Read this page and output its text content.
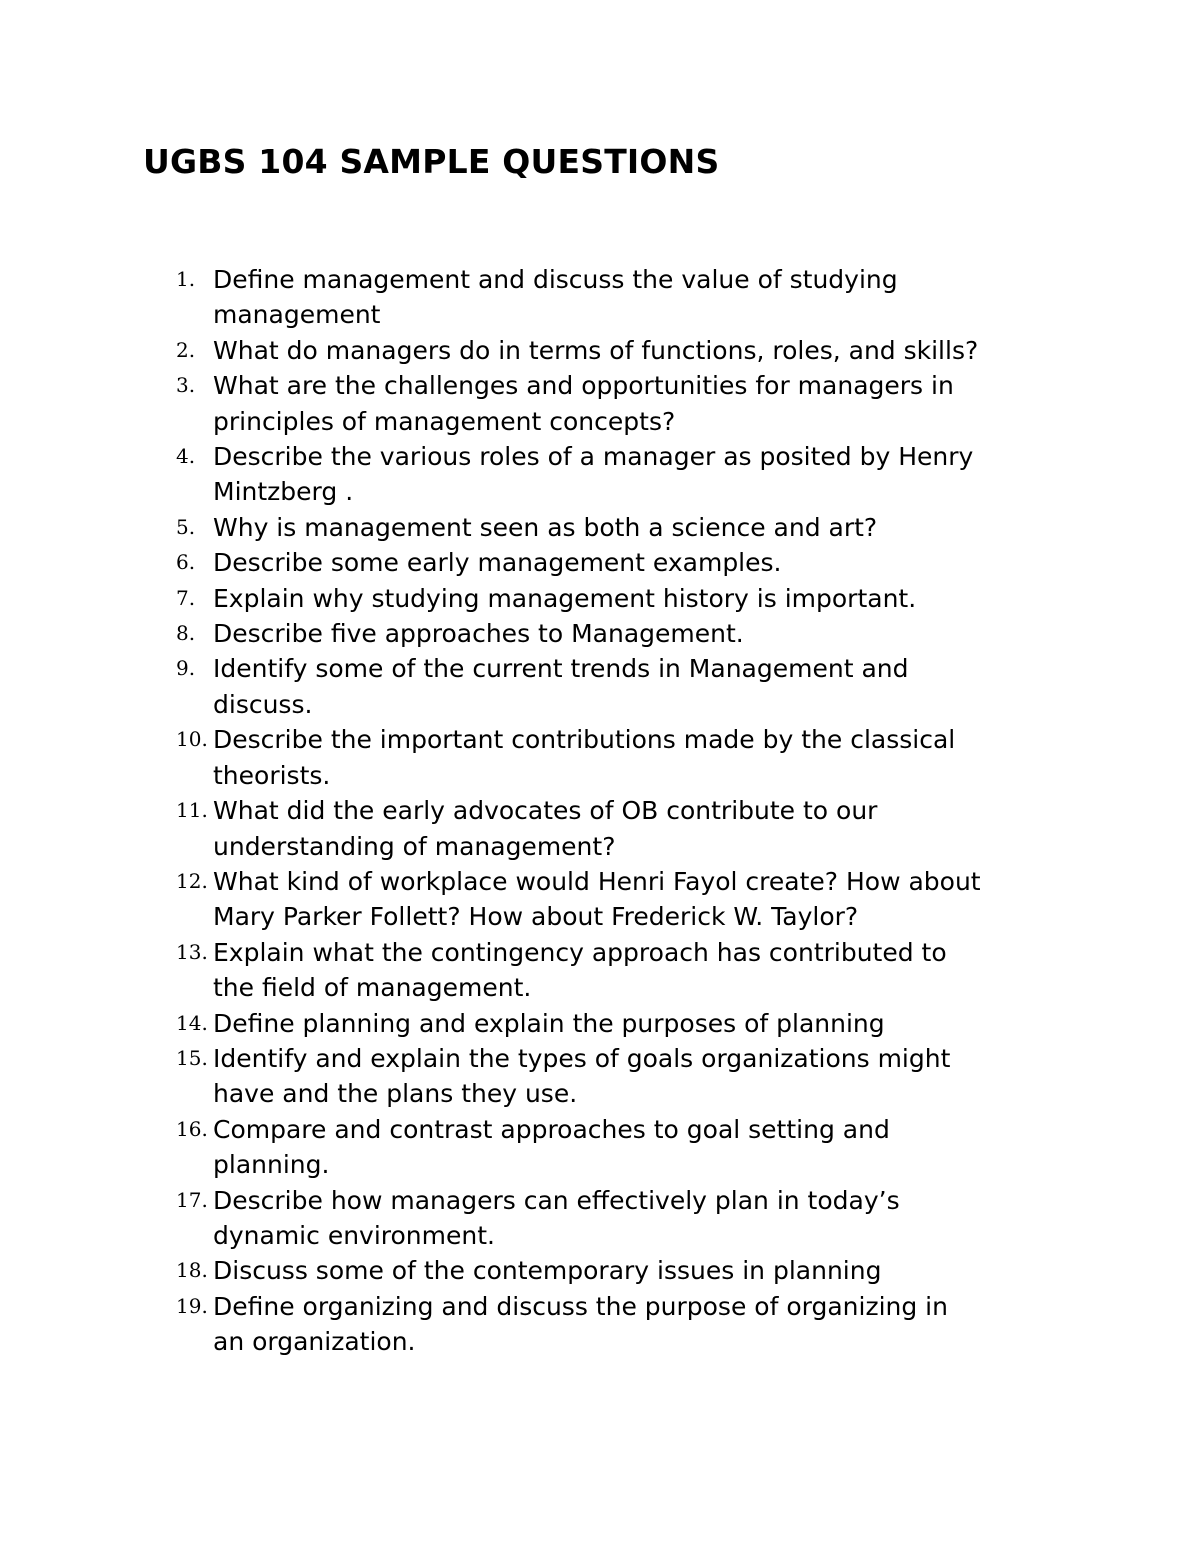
UGBS 104 SAMPLE QUESTIONS
1. Define management and discuss the value of studying
management
2. What do managers do in terms of functions, roles, and skills?
3. What are the challenges and opportunities for managers in
principles of management concepts?
4. Describe the various roles of a manager as posited by Henry
Mintzberg .
5. Why is management seen as both a science and art?
6. Describe some early management examples.
7. Explain why studying management history is important.
8. Describe five approaches to Management.
9. Identify some of the current trends in Management and
discuss.
10. Describe the important contributions made by the classical
theorists.
11. What did the early advocates of OB contribute to our
understanding of management?
12. What kind of workplace would Henri Fayol create? How about
Mary Parker Follett? How about Frederick W. Taylor?
13. Explain what the contingency approach has contributed to
the field of management.
14. Define planning and explain the purposes of planning
15. Identify and explain the types of goals organizations might
have and the plans they use.
16. Compare and contrast approaches to goal setting and
planning.
17. Describe how managers can effectively plan in today’s
dynamic environment.
18. Discuss some of the contemporary issues in planning
19. Define organizing and discuss the purpose of organizing in
an organization.
